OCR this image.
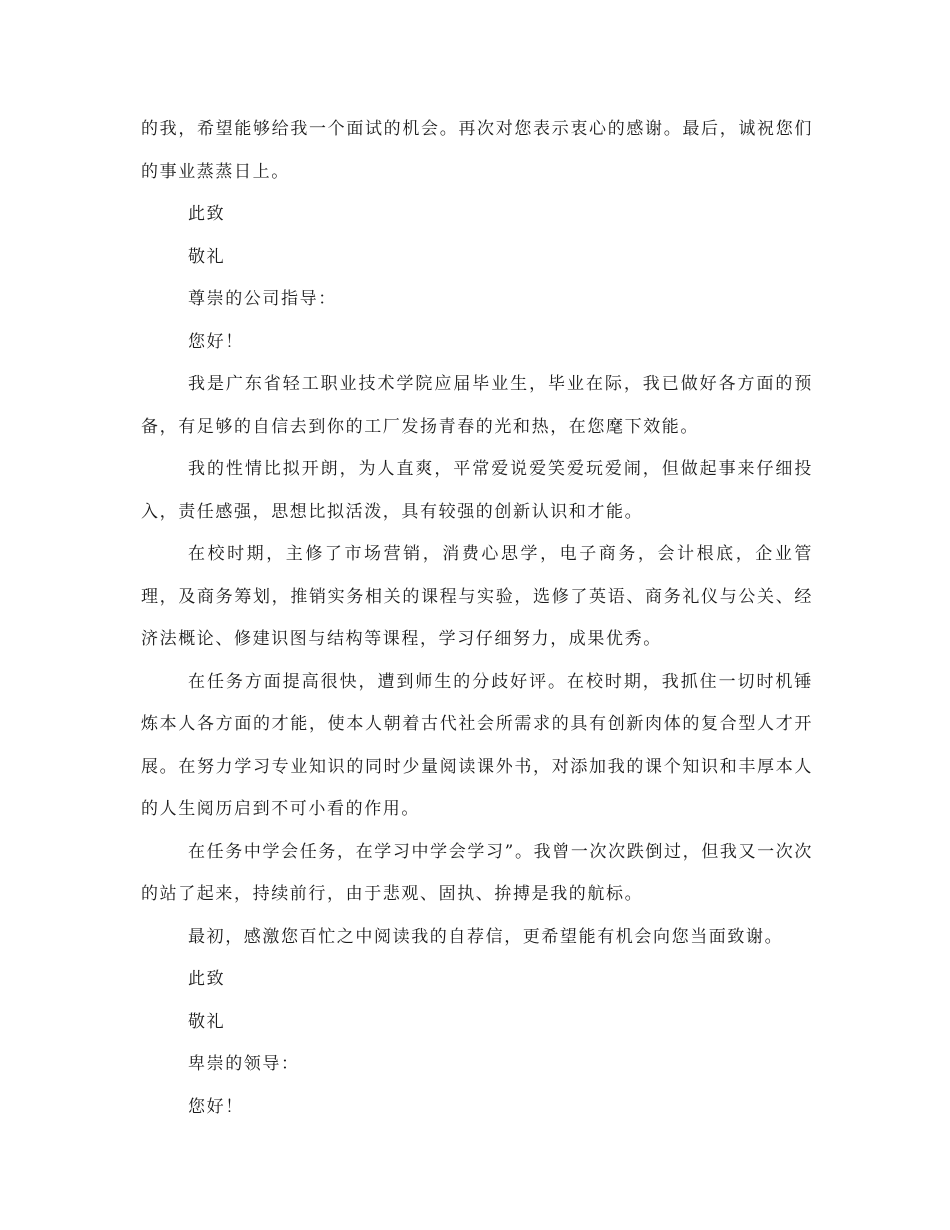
的我，希望能够给我一个面试的机会。再次对您表示衷心的感谢。最后，诚祝您们的事业蒸蒸日上。

此致

敬礼

尊崇的公司指导：

您好！

我是广东省轻工职业技术学院应届毕业生，毕业在际，我已做好各方面的预备，有足够的自信去到你的工厂发扬青春的光和热，在您麾下效能。

我的性情比拟开朗，为人直爽，平常爱说爱笑爱玩爱闹，但做起事来仔细投入，责任感强，思想比拟活泼，具有较强的创新认识和才能。

在校时期，主修了市场营销，消费心思学，电子商务，会计根底，企业管理，及商务筹划，推销实务相关的课程与实验，选修了英语、商务礼仪与公关、经济法概论、修建识图与结构等课程，学习仔细努力，成果优秀。

在任务方面提高很快，遭到师生的分歧好评。在校时期，我抓住一切时机锤炼本人各方面的才能，使本人朝着古代社会所需求的具有创新肉体的复合型人才开展。在努力学习专业知识的同时少量阅读课外书，对添加我的课个知识和丰厚本人的人生阅历启到不可小看的作用。

在任务中学会任务，在学习中学会学习”。我曾一次次跌倒过，但我又一次次的站了起来，持续前行，由于悲观、固执、拚搏是我的航标。

最初，感激您百忙之中阅读我的自荐信，更希望能有机会向您当面致谢。

此致

敬礼

卑崇的领导：

您好！
